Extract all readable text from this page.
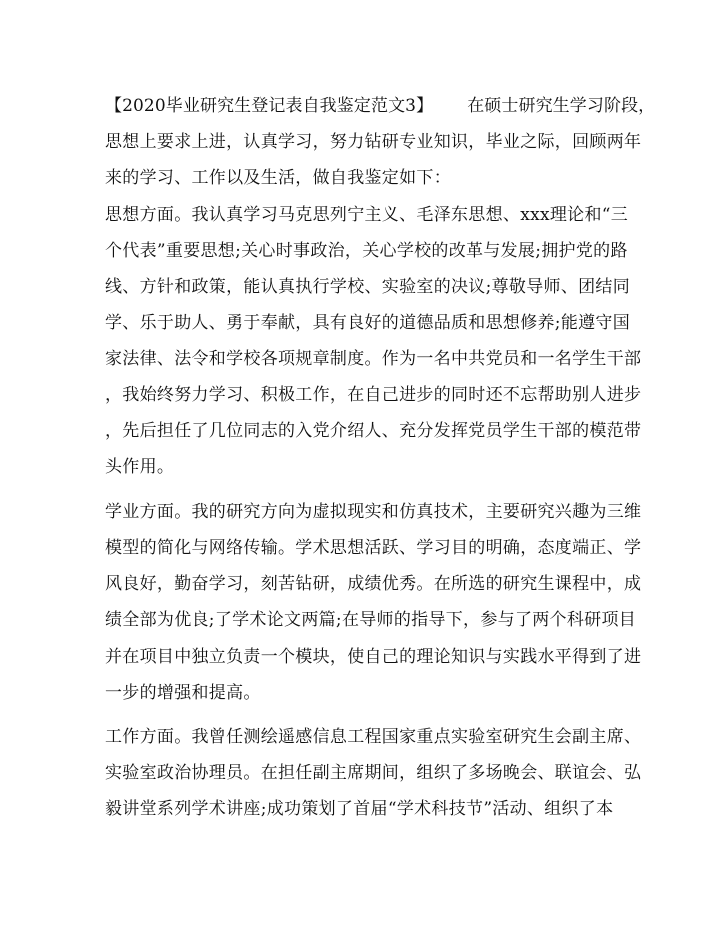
【2020毕业研究生登记表自我鉴定范文3】 在硕士研究生学习阶段，
思想上要求上进，认真学习，努力钻研专业知识，毕业之际，回顾两年
来的学习、工作以及生活，做自我鉴定如下：
思想方面。我认真学习马克思列宁主义、毛泽东思想、xxx理论和“三
个代表”重要思想;关心时事政治，关心学校的改革与发展;拥护党的路
线、方针和政策，能认真执行学校、实验室的决议;尊敬导师、团结同
学、乐于助人、勇于奉献，具有良好的道德品质和思想修养;能遵守国
家法律、法令和学校各项规章制度。作为一名中共党员和一名学生干部
，我始终努力学习、积极工作，在自己进步的同时还不忘帮助别人进步
，先后担任了几位同志的入党介绍人、充分发挥党员学生干部的模范带
头作用。
学业方面。我的研究方向为虚拟现实和仿真技术，主要研究兴趣为三维
模型的简化与网络传输。学术思想活跃、学习目的明确，态度端正、学
风良好，勤奋学习，刻苦钻研，成绩优秀。在所选的研究生课程中，成
绩全部为优良;了学术论文两篇;在导师的指导下，参与了两个科研项目
并在项目中独立负责一个模块，使自己的理论知识与实践水平得到了进
一步的增强和提高。
工作方面。我曾任测绘遥感信息工程国家重点实验室研究生会副主席、
实验室政治协理员。在担任副主席期间，组织了多场晚会、联谊会、弘
毅讲堂系列学术讲座;成功策划了首届“学术科技节”活动、组织了本
